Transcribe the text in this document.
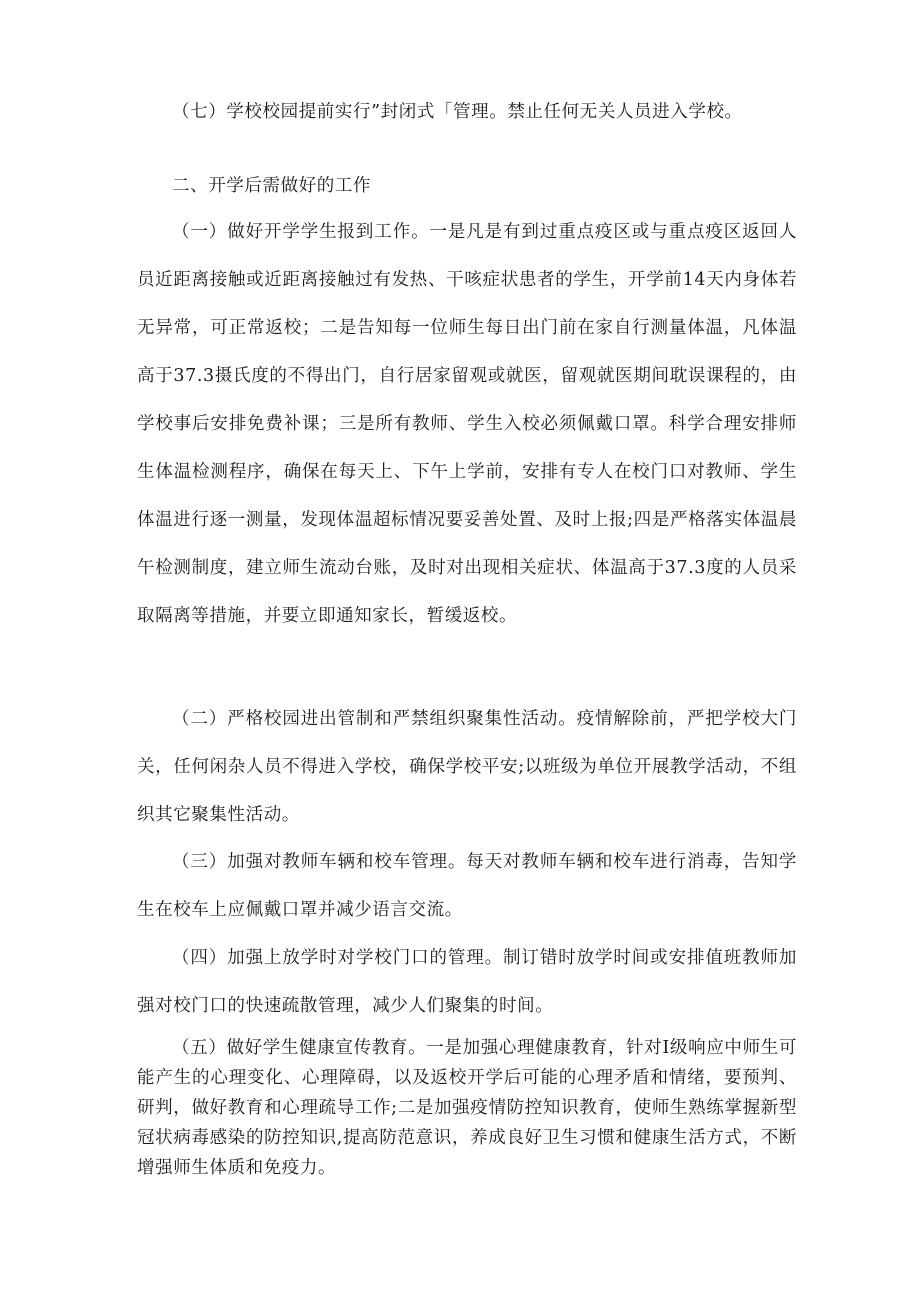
（七）学校校园提前实行”封闭式「管理。禁止任何无关人员进入学校。

二、开学后需做好的工作

（一）做好开学学生报到工作。一是凡是有到过重点疫区或与重点疫区返回人员近距离接触或近距离接触过有发热、干咳症状患者的学生，开学前14天内身体若无异常，可正常返校；二是告知每一位师生每日出门前在家自行测量体温，凡体温高于37.3摄氏度的不得出门，自行居家留观或就医，留观就医期间耽误课程的，由学校事后安排免费补课；三是所有教师、学生入校必须佩戴口罩。科学合理安排师生体温检测程序，确保在每天上、下午上学前，安排有专人在校门口对教师、学生体温进行逐一测量，发现体温超标情况要妥善处置、及时上报;四是严格落实体温晨午检测制度，建立师生流动台账，及时对出现相关症状、体温高于37.3度的人员采取隔离等措施，并要立即通知家长，暂缓返校。

（二）严格校园进出管制和严禁组织聚集性活动。疫情解除前，严把学校大门关，任何闲杂人员不得进入学校，确保学校平安;以班级为单位开展教学活动，不组织其它聚集性活动。

（三）加强对教师车辆和校车管理。每天对教师车辆和校车进行消毒，告知学生在校车上应佩戴口罩并减少语言交流。

（四）加强上放学时对学校门口的管理。制订错时放学时间或安排值班教师加强对校门口的快速疏散管理，减少人们聚集的时间。

（五）做好学生健康宣传教育。一是加强心理健康教育，针对Ⅰ级响应中师生可能产生的心理变化、心理障碍，以及返校开学后可能的心理矛盾和情绪，要预判、研判，做好教育和心理疏导工作;二是加强疫情防控知识教育，使师生熟练掌握新型冠状病毒感染的防控知识,提高防范意识，养成良好卫生习惯和健康生活方式，不断增强师生体质和免疫力。
